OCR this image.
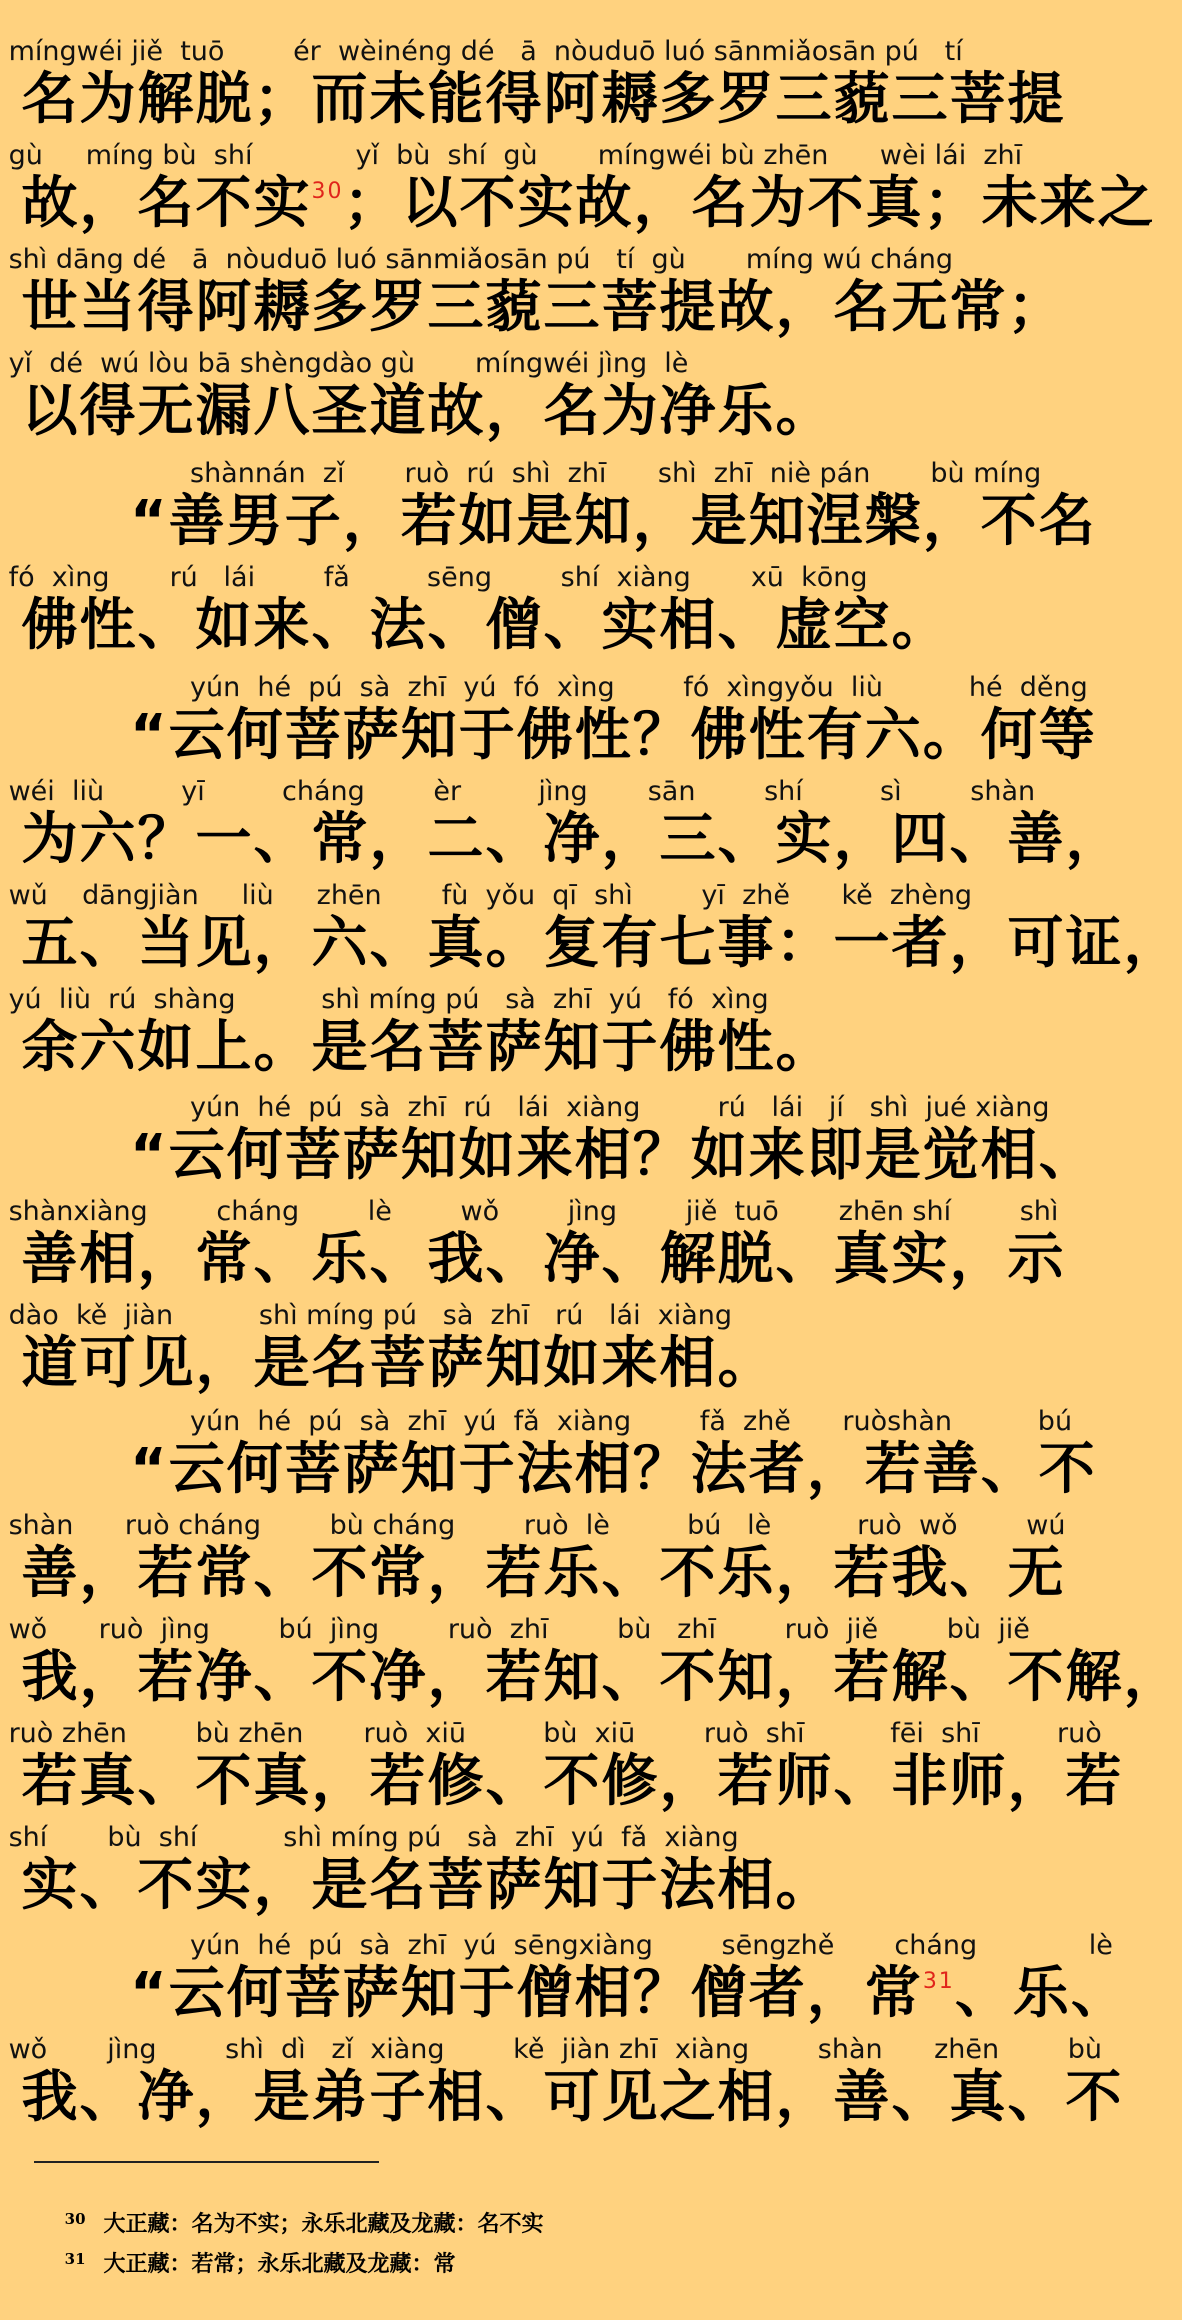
míngwéi jiě  tuō        ér  wèinéng dé   ā  nòuduō luó sānmiǎosān pú   tí
名为解脱；而未能得阿耨多罗三藐三菩提
gù     míng bù  shí            yǐ  bù  shí  gù       míngwéi bù zhēn      wèi lái  zhī
故，名不实$^{30}$；以不实故，名为不真；未来之
shì dāng dé   ā  nòuduō luó sānmiǎosān pú   tí  gù       míng wú cháng
世当得阿耨多罗三藐三菩提故，名无常；
yǐ  dé  wú lòu bā shèngdào gù       míngwéi jìng  lè
以得无漏八圣道故，名为净乐。
shànnán  zǐ       ruò  rú  shì  zhī      shì  zhī  niè pán       bù míng
“善男子，若如是知，是知涅槃，不名
fó  xìng       rú   lái        fǎ         sēng        shí  xiàng       xū  kōng
佛性、如来、法、僧、实相、虚空。
yún  hé  pú  sà  zhī  yú  fó  xìng        fó  xìngyǒu  liù          hé  děng
“云何菩萨知于佛性？佛性有六。何等
wéi  liù         yī         cháng        èr         jìng       sān        shí         sì        shàn
为六？一、常，二、净，三、实，四、善，
wǔ    dāngjiàn     liù     zhēn       fù  yǒu  qī  shì        yī  zhě      kě  zhèng
五、当见，六、真。复有七事：一者，可证，
yú  liù  rú  shàng          shì míng pú   sà  zhī  yú   fó  xìng
余六如上。是名菩萨知于佛性。
yún  hé  pú  sà  zhī  rú   lái  xiàng         rú   lái   jí   shì  jué xiàng
“云何菩萨知如来相？如来即是觉相、
shànxiàng        cháng        lè        wǒ        jìng        jiě  tuō       zhēn shí        shì
善相，常、乐、我、净、解脱、真实，示
dào  kě  jiàn          shì míng pú   sà  zhī   rú   lái  xiàng
道可见，是名菩萨知如来相。
yún  hé  pú  sà  zhī  yú  fǎ  xiàng        fǎ  zhě      ruòshàn          bú
“云何菩萨知于法相？法者，若善、不
shàn      ruò cháng        bù cháng        ruò  lè         bú   lè          ruò  wǒ        wú
善，若常、不常，若乐、不乐，若我、无
wǒ      ruò  jìng        bú  jìng        ruò  zhī        bù   zhī        ruò  jiě        bù  jiě
我，若净、不净，若知、不知，若解、不解，
ruò zhēn        bù zhēn       ruò  xiū         bù  xiū        ruò  shī          fēi  shī         ruò
若真、不真，若修、不修，若师、非师，若
shí       bù  shí          shì míng pú   sà  zhī  yú  fǎ  xiàng
实、不实，是名菩萨知于法相。
yún  hé  pú  sà  zhī  yú  sēngxiàng        sēngzhě       cháng             lè
“云何菩萨知于僧相？僧者，常$^{31}$、乐、
wǒ       jìng        shì  dì   zǐ  xiàng        kě  jiàn zhī  xiàng        shàn      zhēn        bù
我、净，是弟子相、可见之相，善、真、不

$^{30}$ 大正藏：名为不实；永乐北藏及龙藏：名不实

$^{31}$ 大正藏：若常；永乐北藏及龙藏：常
